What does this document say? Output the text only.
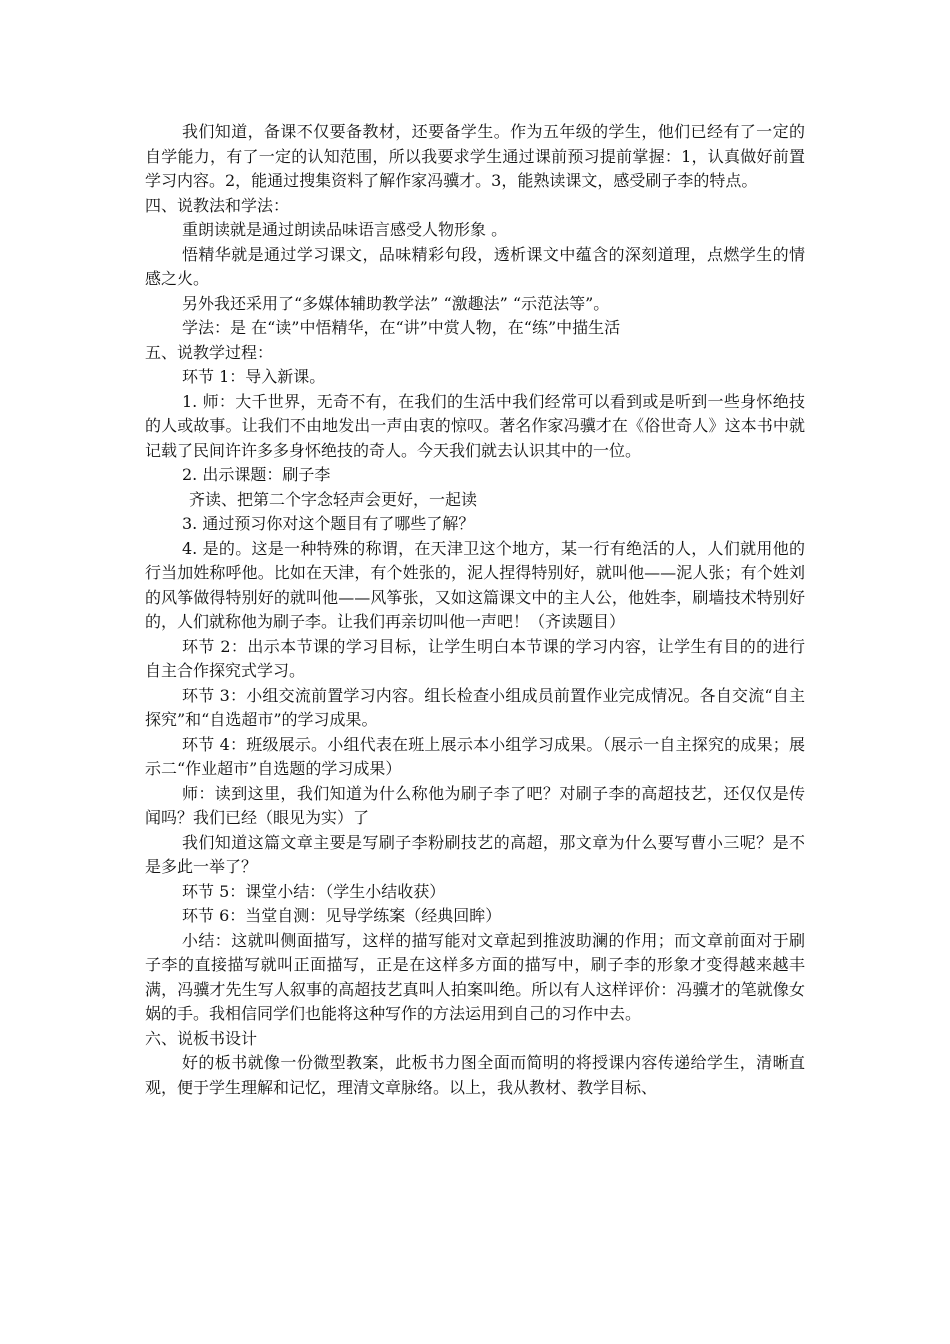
我们知道，备课不仅要备教材，还要备学生。作为五年级的学生，他们已经有了一定的自学能力，有了一定的认知范围，所以我要求学生通过课前预习提前掌握：1，认真做好前置学习内容。2，能通过搜集资料了解作家冯骥才。3，能熟读课文，感受刷子李的特点。

四、说教法和学法：

重朗读就是通过朗读品味语言感受人物形象 。

悟精华就是通过学习课文，品味精彩句段，透析课文中蕴含的深刻道理，点燃学生的情感之火。

另外我还采用了“多媒体辅助教学法” “激趣法” “示范法等”。

学法：是 在“读”中悟精华，在“讲”中赏人物，在“练”中描生活

五、说教学过程：

环节 1：导入新课。

1. 师：大千世界，无奇不有，在我们的生活中我们经常可以看到或是听到一些身怀绝技的人或故事。让我们不由地发出一声由衷的惊叹。著名作家冯骥才在《俗世奇人》这本书中就记载了民间许许多多身怀绝技的奇人。今天我们就去认识其中的一位。

2. 出示课题：刷子李

齐读、把第二个字念轻声会更好，一起读

3. 通过预习你对这个题目有了哪些了解？

4. 是的。这是一种特殊的称谓，在天津卫这个地方，某一行有绝活的人，人们就用他的行当加姓称呼他。比如在天津，有个姓张的，泥人捏得特别好，就叫他——泥人张；有个姓刘的风筝做得特别好的就叫他——风筝张，又如这篇课文中的主人公，他姓李，刷墙技术特别好的，人们就称他为刷子李。让我们再亲切叫他一声吧！（齐读题目）

环节 2：出示本节课的学习目标，让学生明白本节课的学习内容，让学生有目的的进行自主合作探究式学习。

环节 3：小组交流前置学习内容。组长检查小组成员前置作业完成情况。各自交流“自主探究”和“自选超市”的学习成果。

环节 4：班级展示。小组代表在班上展示本小组学习成果。（展示一自主探究的成果；展示二“作业超市”自选题的学习成果）

师：读到这里，我们知道为什么称他为刷子李了吧？对刷子李的高超技艺，还仅仅是传闻吗？我们已经（眼见为实）了

我们知道这篇文章主要是写刷子李粉刷技艺的高超，那文章为什么要写曹小三呢？是不是多此一举了？

环节 5：课堂小结：（学生小结收获）

环节 6：当堂自测：见导学练案（经典回眸）

小结：这就叫侧面描写，这样的描写能对文章起到推波助澜的作用；而文章前面对于刷子李的直接描写就叫正面描写，正是在这样多方面的描写中，刷子李的形象才变得越来越丰满，冯骥才先生写人叙事的高超技艺真叫人拍案叫绝。所以有人这样评价：冯骥才的笔就像女娲的手。我相信同学们也能将这种写作的方法运用到自己的习作中去。

六、说板书设计

好的板书就像一份微型教案，此板书力图全面而简明的将授课内容传递给学生，清晰直观，便于学生理解和记忆，理清文章脉络。以上，我从教材、教学目标、
